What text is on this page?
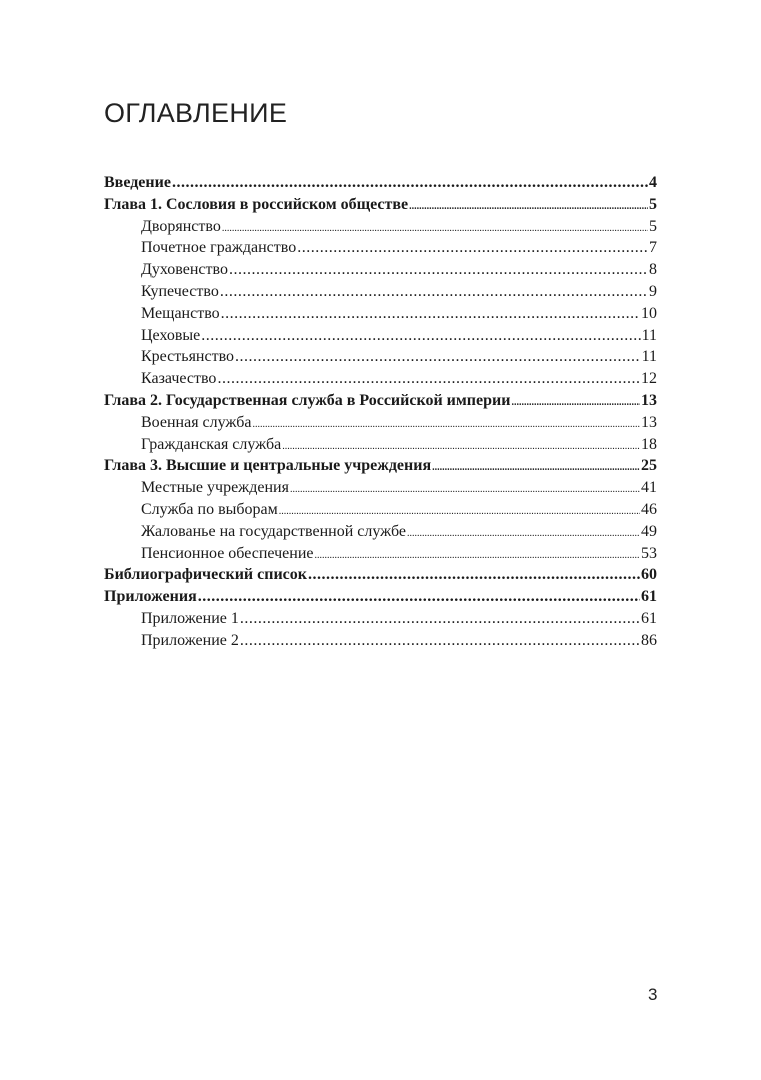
ОГЛАВЛЕНИЕ
Введение .....	4
Глава 1. Сословия в российском обществе .....	5
Дворянство .....	5
Почетное гражданство .....	7
Духовенство .....	8
Купечество .....	9
Мещанство .....	10
Цеховые .....	11
Крестьянство .....	11
Казачество .....	12
Глава 2. Государственная служба в Российской империи .....	13
Военная служба .....	13
Гражданская служба .....	18
Глава 3. Высшие и центральные учреждения .....	25
Местные учреждения .....	41
Служба по выборам .....	46
Жалованье на государственной службе .....	49
Пенсионное обеспечение .....	53
Библиографический список .....	60
Приложения .....	61
Приложение 1 .....	61
Приложение 2 .....	86
3
